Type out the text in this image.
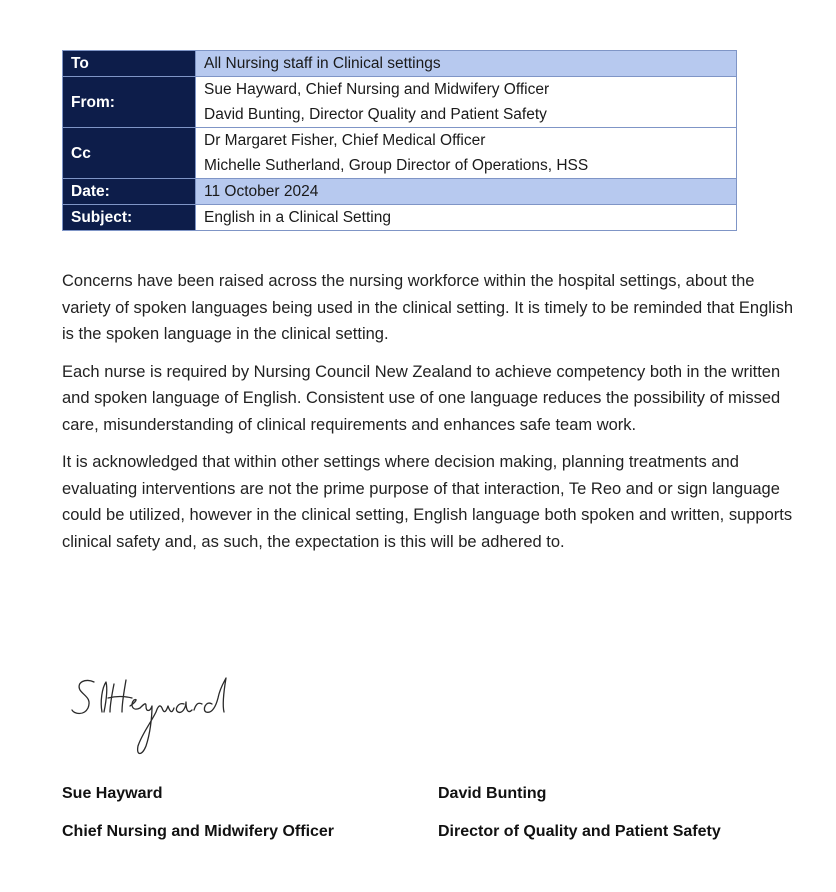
To	All Nursing staff in Clinical settings
From:	Sue Hayward, Chief Nursing and Midwifery Officer
David Bunting, Director Quality and Patient Safety

Cc	Dr Margaret Fisher, Chief Medical Officer
Michelle Sutherland, Group Director of Operations, HSS

Date:	11 October 2024
Subject:	English in a Clinical Setting

Concerns have been raised across the nursing workforce within the hospital settings, about the variety of spoken languages being used in the clinical setting. It is timely to be reminded that English is the spoken language in the clinical setting.

Each nurse is required by Nursing Council New Zealand to achieve competency both in the written and spoken language of English. Consistent use of one language reduces the possibility of missed care, misunderstanding of clinical requirements and enhances safe team work.

It is acknowledged that within other settings where decision making, planning treatments and evaluating interventions are not the prime purpose of that interaction, Te Reo and or sign language could be utilized, however in the clinical setting, English language both spoken and written, supports clinical safety and, as such, the expectation is this will be adhered to.

Sue Hayward
Chief Nursing and Midwifery Officer
David Bunting
Director of Quality and Patient Safety
